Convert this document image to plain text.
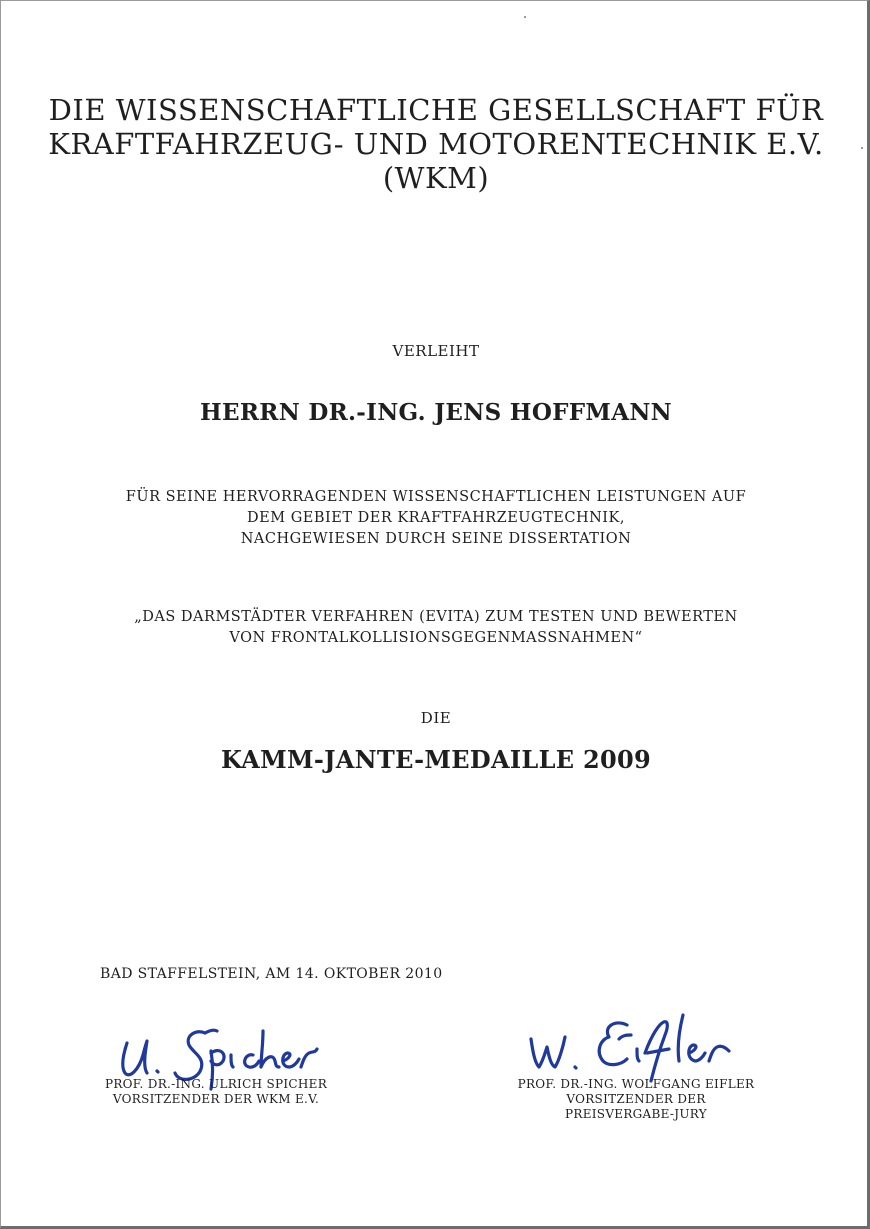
DIE WISSENSCHAFTLICHE GESELLSCHAFT FÜR
KRAFTFAHRZEUG- UND MOTORENTECHNIK E.V.
(WKM)
VERLEIHT
HERRN DR.-ING. JENS HOFFMANN
FÜR SEINE HERVORRAGENDEN WISSENSCHAFTLICHEN LEISTUNGEN AUF
DEM GEBIET DER KRAFTFAHRZEUGTECHNIK,
NACHGEWIESEN DURCH SEINE DISSERTATION
„DAS DARMSTÄDTER VERFAHREN (EVITA) ZUM TESTEN UND BEWERTEN
VON FRONTALKOLLISIONSGEGENMASSNAHMEN“
DIE
KAMM-JANTE-MEDAILLE 2009
BAD STAFFELSTEIN, AM 14. OKTOBER 2010
PROF. DR.-ING. ULRICH SPICHER
VORSITZENDER DER WKM E.V.
PROF. DR.-ING. WOLFGANG EIFLER
VORSITZENDER DER
PREISVERGABE-JURY
